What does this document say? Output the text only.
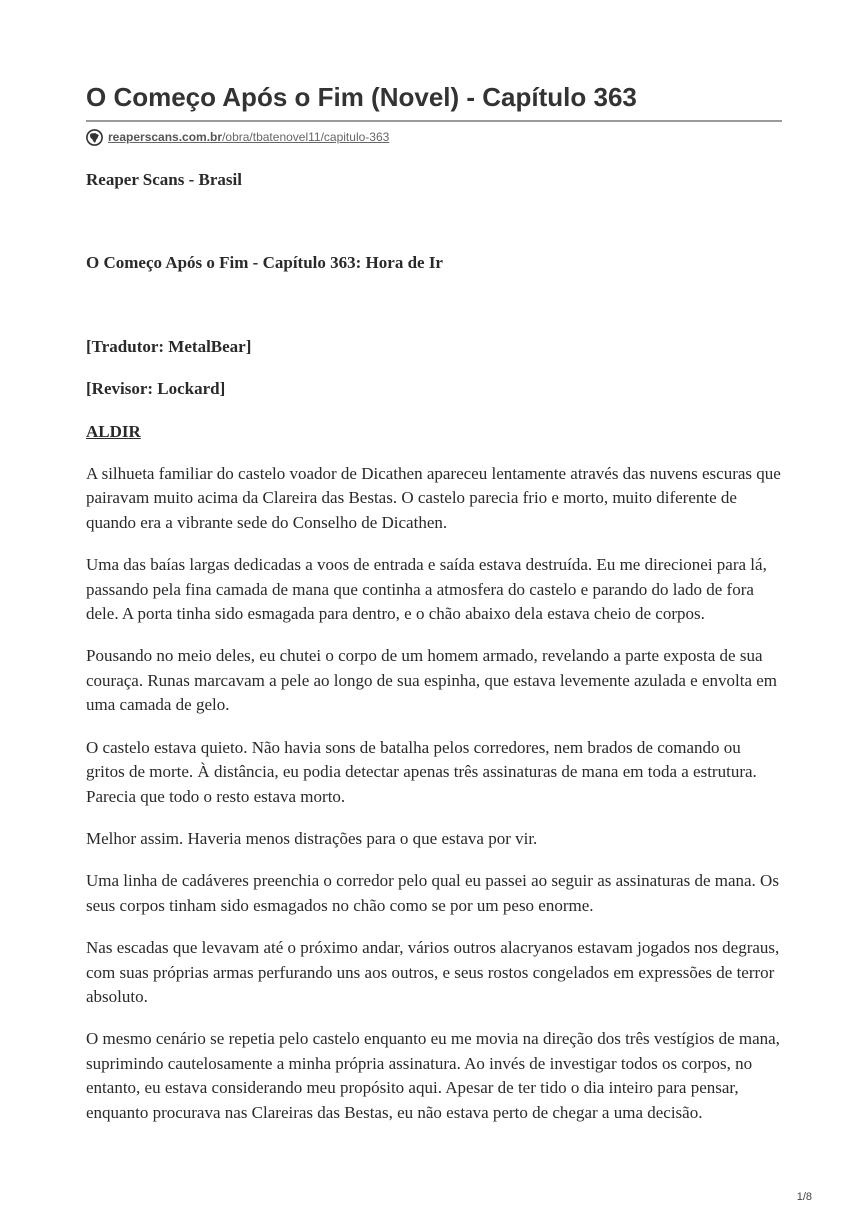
O Começo Após o Fim (Novel) - Capítulo 363
reaperscans.com.br/obra/tbatenovel11/capitulo-363

Reaper Scans - Brasil

O Começo Após o Fim - Capítulo 363: Hora de Ir

[Tradutor: MetalBear]

[Revisor: Lockard]

ALDIR

A silhueta familiar do castelo voador de Dicathen apareceu lentamente através das nuvens escuras que pairavam muito acima da Clareira das Bestas. O castelo parecia frio e morto, muito diferente de quando era a vibrante sede do Conselho de Dicathen.

Uma das baías largas dedicadas a voos de entrada e saída estava destruída. Eu me direcionei para lá, passando pela fina camada de mana que continha a atmosfera do castelo e parando do lado de fora dele. A porta tinha sido esmagada para dentro, e o chão abaixo dela estava cheio de corpos.

Pousando no meio deles, eu chutei o corpo de um homem armado, revelando a parte exposta de sua couraça. Runas marcavam a pele ao longo de sua espinha, que estava levemente azulada e envolta em uma camada de gelo.

O castelo estava quieto. Não havia sons de batalha pelos corredores, nem brados de comando ou gritos de morte. À distância, eu podia detectar apenas três assinaturas de mana em toda a estrutura. Parecia que todo o resto estava morto.

Melhor assim. Haveria menos distrações para o que estava por vir.

Uma linha de cadáveres preenchia o corredor pelo qual eu passei ao seguir as assinaturas de mana. Os seus corpos tinham sido esmagados no chão como se por um peso enorme.

Nas escadas que levavam até o próximo andar, vários outros alacryanos estavam jogados nos degraus, com suas próprias armas perfurando uns aos outros, e seus rostos congelados em expressões de terror absoluto.

O mesmo cenário se repetia pelo castelo enquanto eu me movia na direção dos três vestígios de mana, suprimindo cautelosamente a minha própria assinatura. Ao invés de investigar todos os corpos, no entanto, eu estava considerando meu propósito aqui. Apesar de ter tido o dia inteiro para pensar, enquanto procurava nas Clareiras das Bestas, eu não estava perto de chegar a uma decisão.

1/8
